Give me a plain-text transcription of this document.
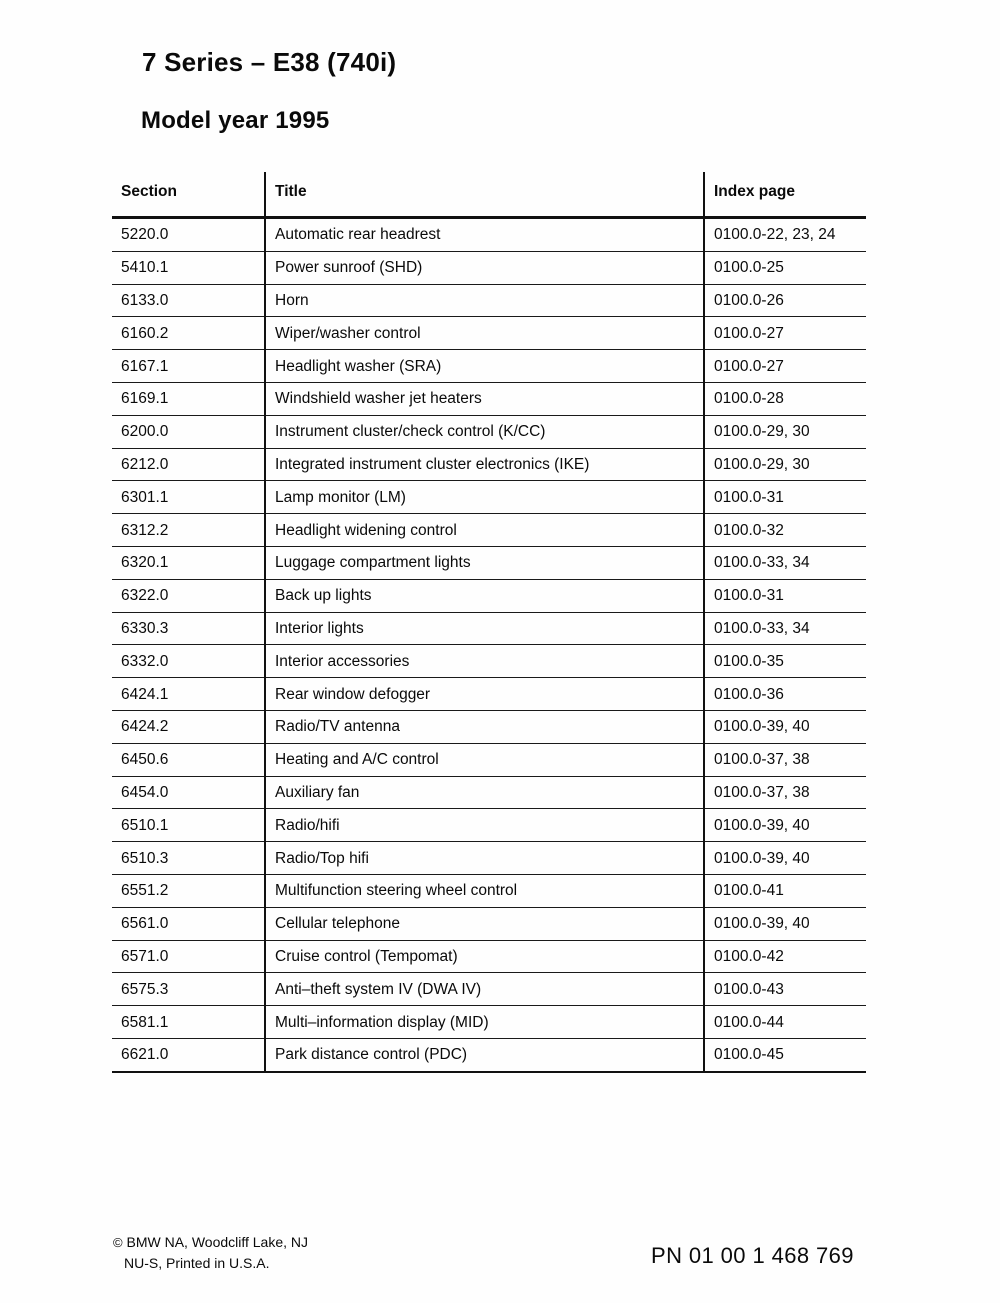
7 Series – E38 (740i)
Model year 1995
Section	Title	Index page
5220.0	Automatic rear headrest	0100.0-22, 23, 24
5410.1	Power sunroof (SHD)	0100.0-25
6133.0	Horn	0100.0-26
6160.2	Wiper/washer control	0100.0-27
6167.1	Headlight washer (SRA)	0100.0-27
6169.1	Windshield washer jet heaters	0100.0-28
6200.0	Instrument cluster/check control (K/CC)	0100.0-29, 30
6212.0	Integrated instrument cluster electronics (IKE)	0100.0-29, 30
6301.1	Lamp monitor (LM)	0100.0-31
6312.2	Headlight widening control	0100.0-32
6320.1	Luggage compartment lights	0100.0-33, 34
6322.0	Back up lights	0100.0-31
6330.3	Interior lights	0100.0-33, 34
6332.0	Interior accessories	0100.0-35
6424.1	Rear window defogger	0100.0-36
6424.2	Radio/TV antenna	0100.0-39, 40
6450.6	Heating and A/C control	0100.0-37, 38
6454.0	Auxiliary fan	0100.0-37, 38
6510.1	Radio/hifi	0100.0-39, 40
6510.3	Radio/Top hifi	0100.0-39, 40
6551.2	Multifunction steering wheel control	0100.0-41
6561.0	Cellular telephone	0100.0-39, 40
6571.0	Cruise control (Tempomat)	0100.0-42
6575.3	Anti–theft system IV (DWA IV)	0100.0-43
6581.1	Multi–information display (MID)	0100.0-44
6621.0	Park distance control (PDC)	0100.0-45
© BMW NA, Woodcliff Lake, NJ
NU-S, Printed in U.S.A.	PN 01 00 1 468 769
